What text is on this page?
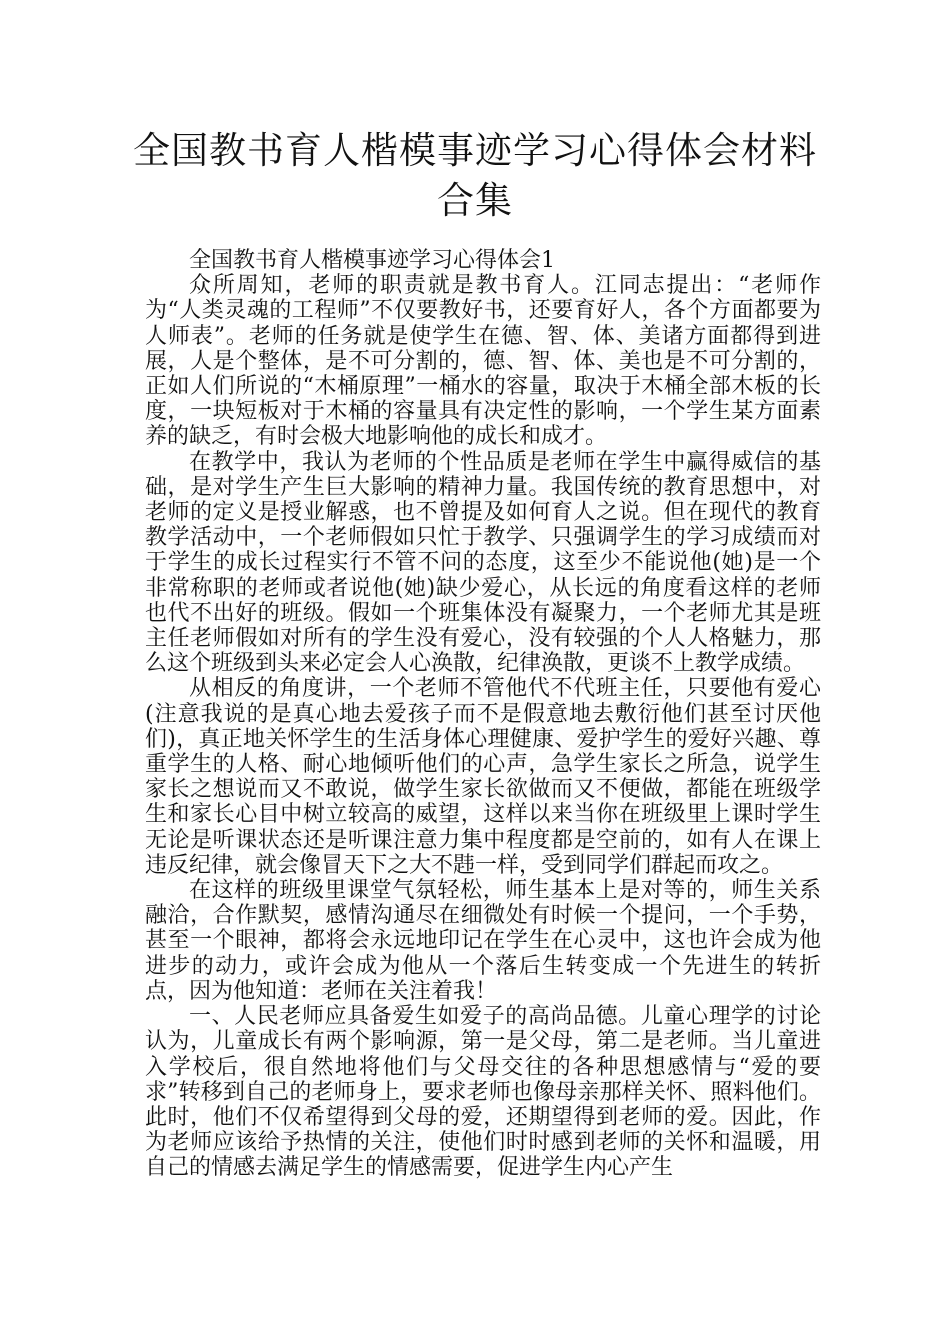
全国教书育人楷模事迹学习心得体会材料合集

全国教书育人楷模事迹学习心得体会1

众所周知，老师的职责就是教书育人。江同志提出：“老师作为“人类灵魂的工程师”不仅要教好书，还要育好人，各个方面都要为人师表”。老师的任务就是使学生在德、智、体、美诸方面都得到进展，人是个整体，是不可分割的，德、智、体、美也是不可分割的，正如人们所说的“木桶原理”一桶水的容量，取决于木桶全部木板的长度，一块短板对于木桶的容量具有决定性的影响，一个学生某方面素养的缺乏，有时会极大地影响他的成长和成才。

在教学中，我认为老师的个性品质是老师在学生中赢得威信的基础，是对学生产生巨大影响的精神力量。我国传统的教育思想中，对老师的定义是授业解惑，也不曾提及如何育人之说。但在现代的教育教学活动中，一个老师假如只忙于教学、只强调学生的学习成绩而对于学生的成长过程实行不管不问的态度，这至少不能说他(她)是一个非常称职的老师或者说他(她)缺少爱心，从长远的角度看这样的老师也代不出好的班级。假如一个班集体没有凝聚力，一个老师尤其是班主任老师假如对所有的学生没有爱心，没有较强的个人人格魅力，那么这个班级到头来必定会人心涣散，纪律涣散，更谈不上教学成绩。

从相反的角度讲，一个老师不管他代不代班主任，只要他有爱心(注意我说的是真心地去爱孩子而不是假意地去敷衍他们甚至讨厌他们)，真正地关怀学生的生活身体心理健康、爱护学生的爱好兴趣、尊重学生的人格、耐心地倾听他们的心声，急学生家长之所急，说学生家长之想说而又不敢说，做学生家长欲做而又不便做，都能在班级学生和家长心目中树立较高的威望，这样以来当你在班级里上课时学生无论是听课状态还是听课注意力集中程度都是空前的，如有人在课上违反纪律，就会像冒天下之大不韪一样，受到同学们群起而攻之。

在这样的班级里课堂气氛轻松，师生基本上是对等的，师生关系融洽，合作默契，感情沟通尽在细微处有时候一个提问，一个手势，甚至一个眼神，都将会永远地印记在学生在心灵中，这也许会成为他进步的动力，或许会成为他从一个落后生转变成一个先进生的转折点，因为他知道：老师在关注着我！

一、人民老师应具备爱生如爱子的高尚品德。儿童心理学的讨论认为，儿童成长有两个影响源，第一是父母，第二是老师。当儿童进入学校后，很自然地将他们与父母交往的各种思想感情与“爱的要求”转移到自己的老师身上，要求老师也像母亲那样关怀、照料他们。此时，他们不仅希望得到父母的爱，还期望得到老师的爱。因此，作为老师应该给予热情的关注，使他们时时感到老师的关怀和温暖，用自己的情感去满足学生的情感需要，促进学生内心产生
